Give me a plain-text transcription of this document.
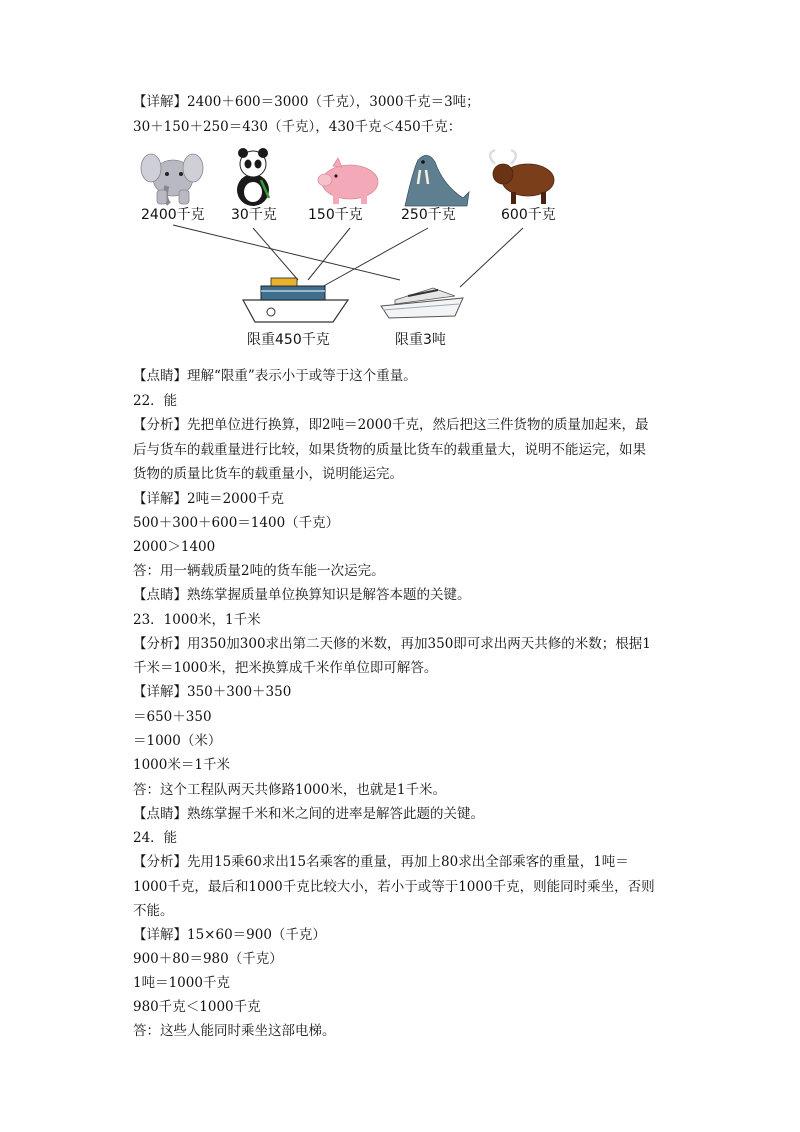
【详解】2400＋600＝3000（千克），3000千克＝3吨；
30＋150＋250＝430（千克），430千克＜450千克：
2400千克 30千克 150千克	250千克	600千克
限重450千克	限重3吨
【点睛】理解“限重”表示小于或等于这个重量。
22．能
【分析】先把单位进行换算，即2吨＝2000千克，然后把这三件货物的质量加起来，最
后与货车的载重量进行比较，如果货物的质量比货车的载重量大，说明不能运完，如果
货物的质量比货车的载重量小，说明能运完。
【详解】2吨＝2000千克
500＋300＋600＝1400（千克）
2000＞1400
答：用一辆载质量2吨的货车能一次运完。
【点睛】熟练掌握质量单位换算知识是解答本题的关键。
23．1000米，1千米
【分析】用350加300求出第二天修的米数，再加350即可求出两天共修的米数；根据1
千米＝1000米，把米换算成千米作单位即可解答。
【详解】350＋300＋350
＝650＋350
＝1000（米）
1000米＝1千米
答：这个工程队两天共修路1000米，也就是1千米。
【点睛】熟练掌握千米和米之间的进率是解答此题的关键。
24．能
【分析】先用15乘60求出15名乘客的重量，再加上80求出全部乘客的重量，1吨＝
1000千克，最后和1000千克比较大小，若小于或等于1000千克，则能同时乘坐，否则
不能。
【详解】15×60＝900（千克）
900＋80＝980（千克）
1吨＝1000千克
980千克＜1000千克
答：这些人能同时乘坐这部电梯。
